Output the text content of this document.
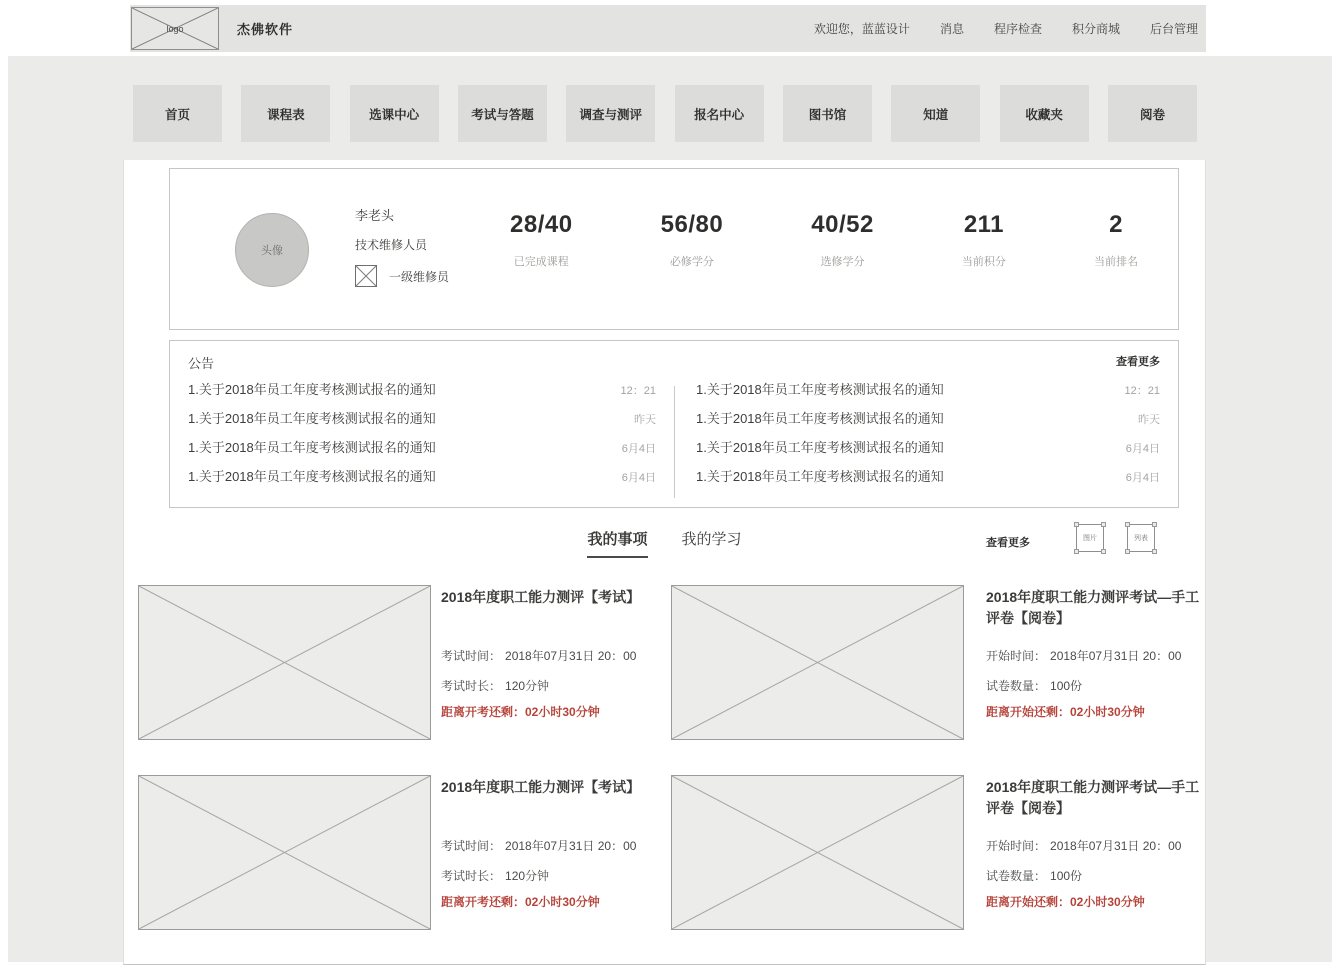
logo	杰佛软件	欢迎您，蓝蓝设计	消息	程序检查	积分商城	后台管理
首页	课程表	选课中心	考试与答题	调查与测评	报名中心	图书馆	知道	收藏夹	阅卷
头像
李老头
技术维修人员
一级维修员
28/40
已完成课程
56/80
必修学分
40/52
选修学分
211
当前积分
2
当前排名
公告	查看更多
1.关于2018年员工年度考核测试报名的通知	12：21
1.关于2018年员工年度考核测试报名的通知	昨天
1.关于2018年员工年度考核测试报名的通知	6月4日
1.关于2018年员工年度考核测试报名的通知	6月4日
1.关于2018年员工年度考核测试报名的通知	12：21
1.关于2018年员工年度考核测试报名的通知	昨天
1.关于2018年员工年度考核测试报名的通知	6月4日
1.关于2018年员工年度考核测试报名的通知	6月4日
我的事项 我的学习	查看更多	图片	列表
2018年度职工能力测评【考试】
考试时间： 2018年07月31日 20：00
考试时长： 120分钟
距离开考还剩：02小时30分钟
2018年度职工能力测评考试—手工评卷【阅卷】
开始时间： 2018年07月31日 20：00
试卷数量： 100份
距离开始还剩：02小时30分钟
2018年度职工能力测评【考试】
考试时间： 2018年07月31日 20：00
考试时长： 120分钟
距离开考还剩：02小时30分钟
2018年度职工能力测评考试—手工评卷【阅卷】
开始时间： 2018年07月31日 20：00
试卷数量： 100份
距离开始还剩：02小时30分钟
